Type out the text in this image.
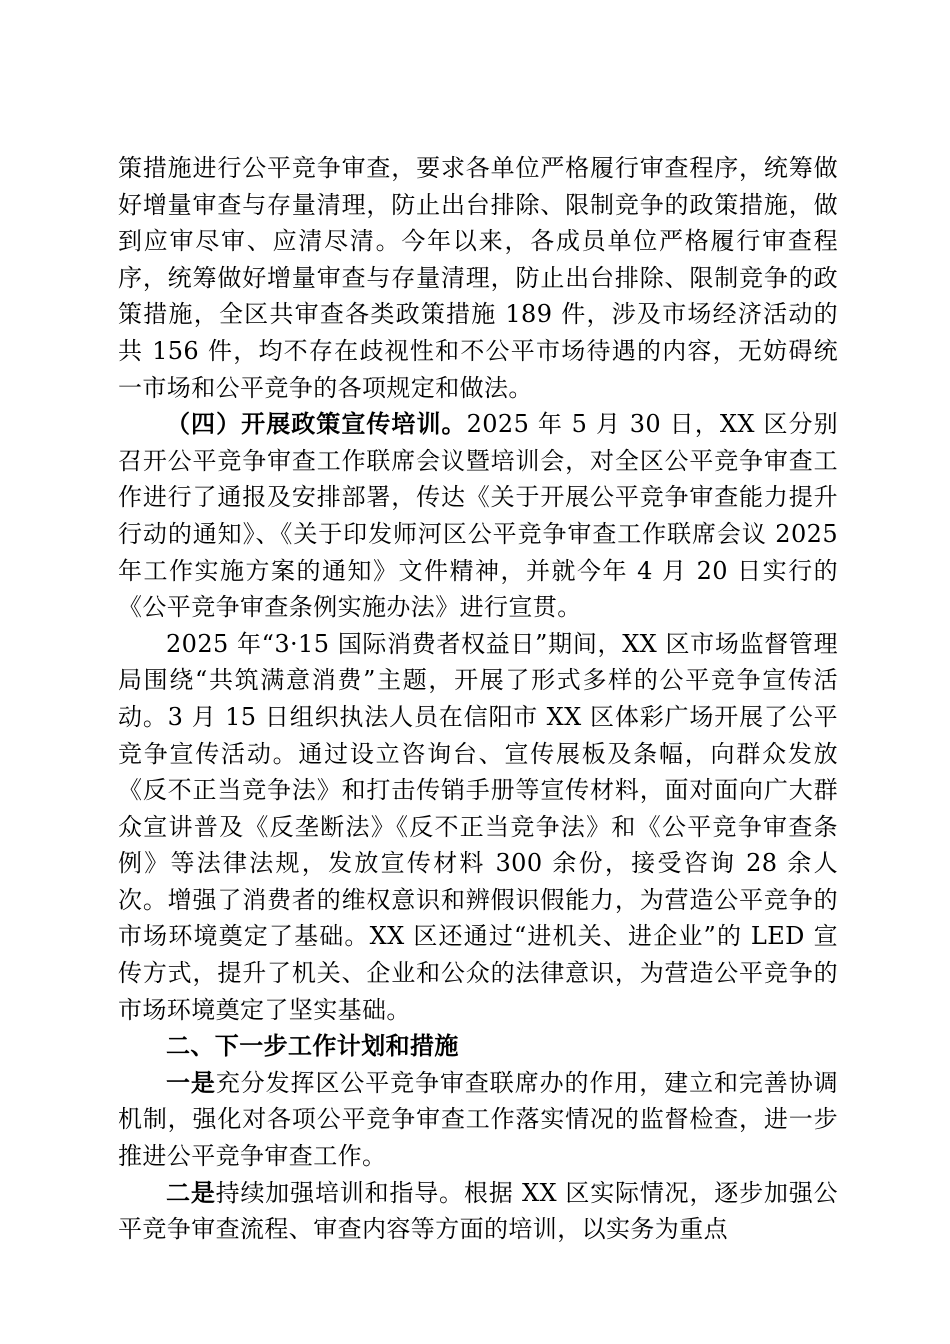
策措施进行公平竞争审查，要求各单位严格履行审查程序，统筹做好增量审查与存量清理，防止出台排除、限制竞争的政策措施，做到应审尽审、应清尽清。今年以来，各成员单位严格履行审查程序，统筹做好增量审查与存量清理，防止出台排除、限制竞争的政策措施，全区共审查各类政策措施 189 件，涉及市场经济活动的共 156 件，均不存在歧视性和不公平市场待遇的内容，无妨碍统一市场和公平竞争的各项规定和做法。

（四）开展政策宣传培训。2025 年 5 月 30 日，XX 区分别召开公平竞争审查工作联席会议暨培训会，对全区公平竞争审查工作进行了通报及安排部署，传达《关于开展公平竞争审查能力提升行动的通知》、《关于印发师河区公平竞争审查工作联席会议 2025 年工作实施方案的通知》文件精神，并就今年 4 月 20 日实行的《公平竞争审查条例实施办法》进行宣贯。

2025 年“3·15 国际消费者权益日”期间，XX 区市场监督管理局围绕“共筑满意消费”主题，开展了形式多样的公平竞争宣传活动。3 月 15 日组织执法人员在信阳市 XX 区体彩广场开展了公平竞争宣传活动。通过设立咨询台、宣传展板及条幅，向群众发放《反不正当竞争法》和打击传销手册等宣传材料，面对面向广大群众宣讲普及《反垄断法》《反不正当竞争法》和《公平竞争审查条例》等法律法规，发放宣传材料 300 余份，接受咨询 28 余人次。增强了消费者的维权意识和辨假识假能力，为营造公平竞争的市场环境奠定了基础。XX 区还通过“进机关、进企业”的 LED 宣传方式，提升了机关、企业和公众的法律意识，为营造公平竞争的市场环境奠定了坚实基础。

二、下一步工作计划和措施

一是充分发挥区公平竞争审查联席办的作用，建立和完善协调机制，强化对各项公平竞争审查工作落实情况的监督检查，进一步推进公平竞争审查工作。

二是持续加强培训和指导。根据 XX 区实际情况，逐步加强公平竞争审查流程、审查内容等方面的培训，以实务为重点
